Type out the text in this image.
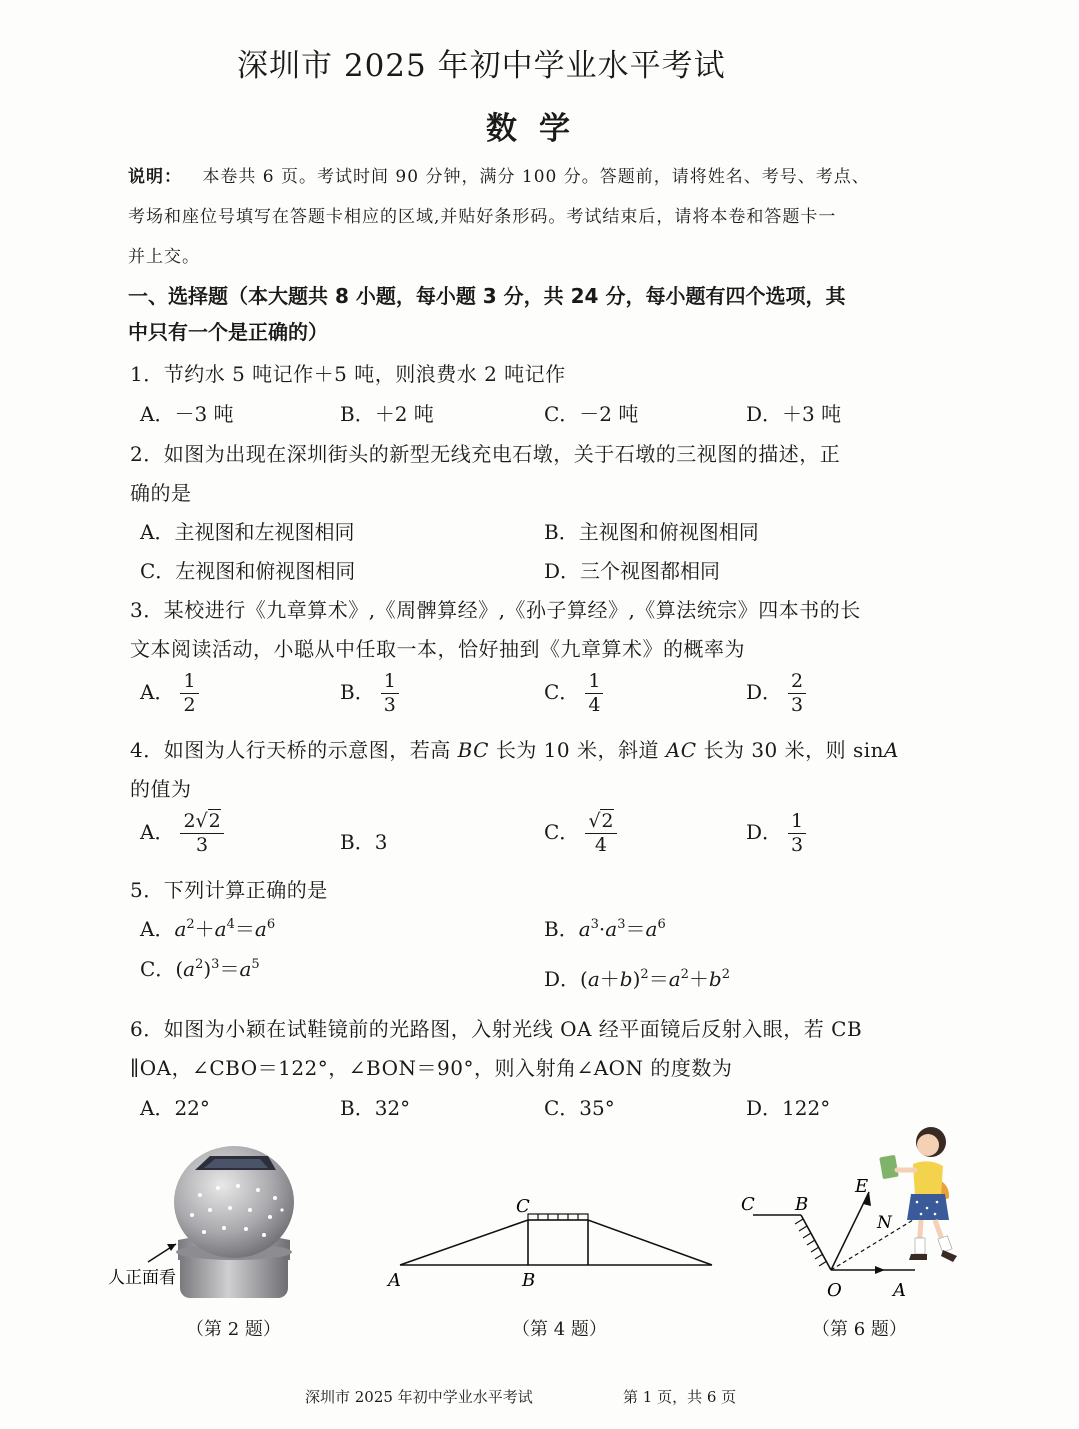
深圳市 2025 年初中学业水平考试
数学
说明： 本卷共 6 页。考试时间 90 分钟，满分 100 分。答题前，请将姓名、考号、考点、
考场和座位号填写在答题卡相应的区域,并贴好条形码。考试结束后，请将本卷和答题卡一
并上交。
一、选择题（本大题共 8 小题，每小题 3 分，共 24 分，每小题有四个选项，其
中只有一个是正确的）
1．节约水 5 吨记作＋5 吨，则浪费水 2 吨记作
A．－3 吨	B．＋2 吨	C．－2 吨	D．＋3 吨
2．如图为出现在深圳街头的新型无线充电石墩，关于石墩的三视图的描述，正
确的是
A．主视图和左视图相同	B．主视图和俯视图相同
C．左视图和俯视图相同	D．三个视图都相同
3．某校进行《九章算术》,《周髀算经》,《孙子算经》,《算法统宗》四本书的长
文本阅读活动，小聪从中任取一本，恰好抽到《九章算术》的概率为
A． $\frac{1}{2}$	B． $\frac{1}{3}$	C． $\frac{1}{4}$	D． $\frac{2}{3}$
4．如图为人行天桥的示意图，若高 BC 长为 10 米，斜道 AC 长为 30 米，则 sinA
的值为
A． $\frac{2√2}{3}$	B．3	C． $\frac{√2}{4}$	D． $\frac{1}{3}$
5．下列计算正确的是
A．$a^2+a^4=a^6$	B．$a^3\cdot a^3=a^6$
C．$(a^2)^3=a^5$
D．$(a+b)^2=a^2+b^2$
6．如图为小颖在试鞋镜前的光路图，入射光线 OA 经平面镜后反射入眼，若 CB
∥OA，∠CBO＝122°，∠BON＝90°，则入射角∠AON 的度数为
A．22°	B．32°	C．35°	D．122°
人正面看
（第 2 题）
C
A	B
（第 4 题）
C B
E
N
O	A
（第 6 题）
深圳市 2025 年初中学业水平考试	第 1 页，共 6 页
